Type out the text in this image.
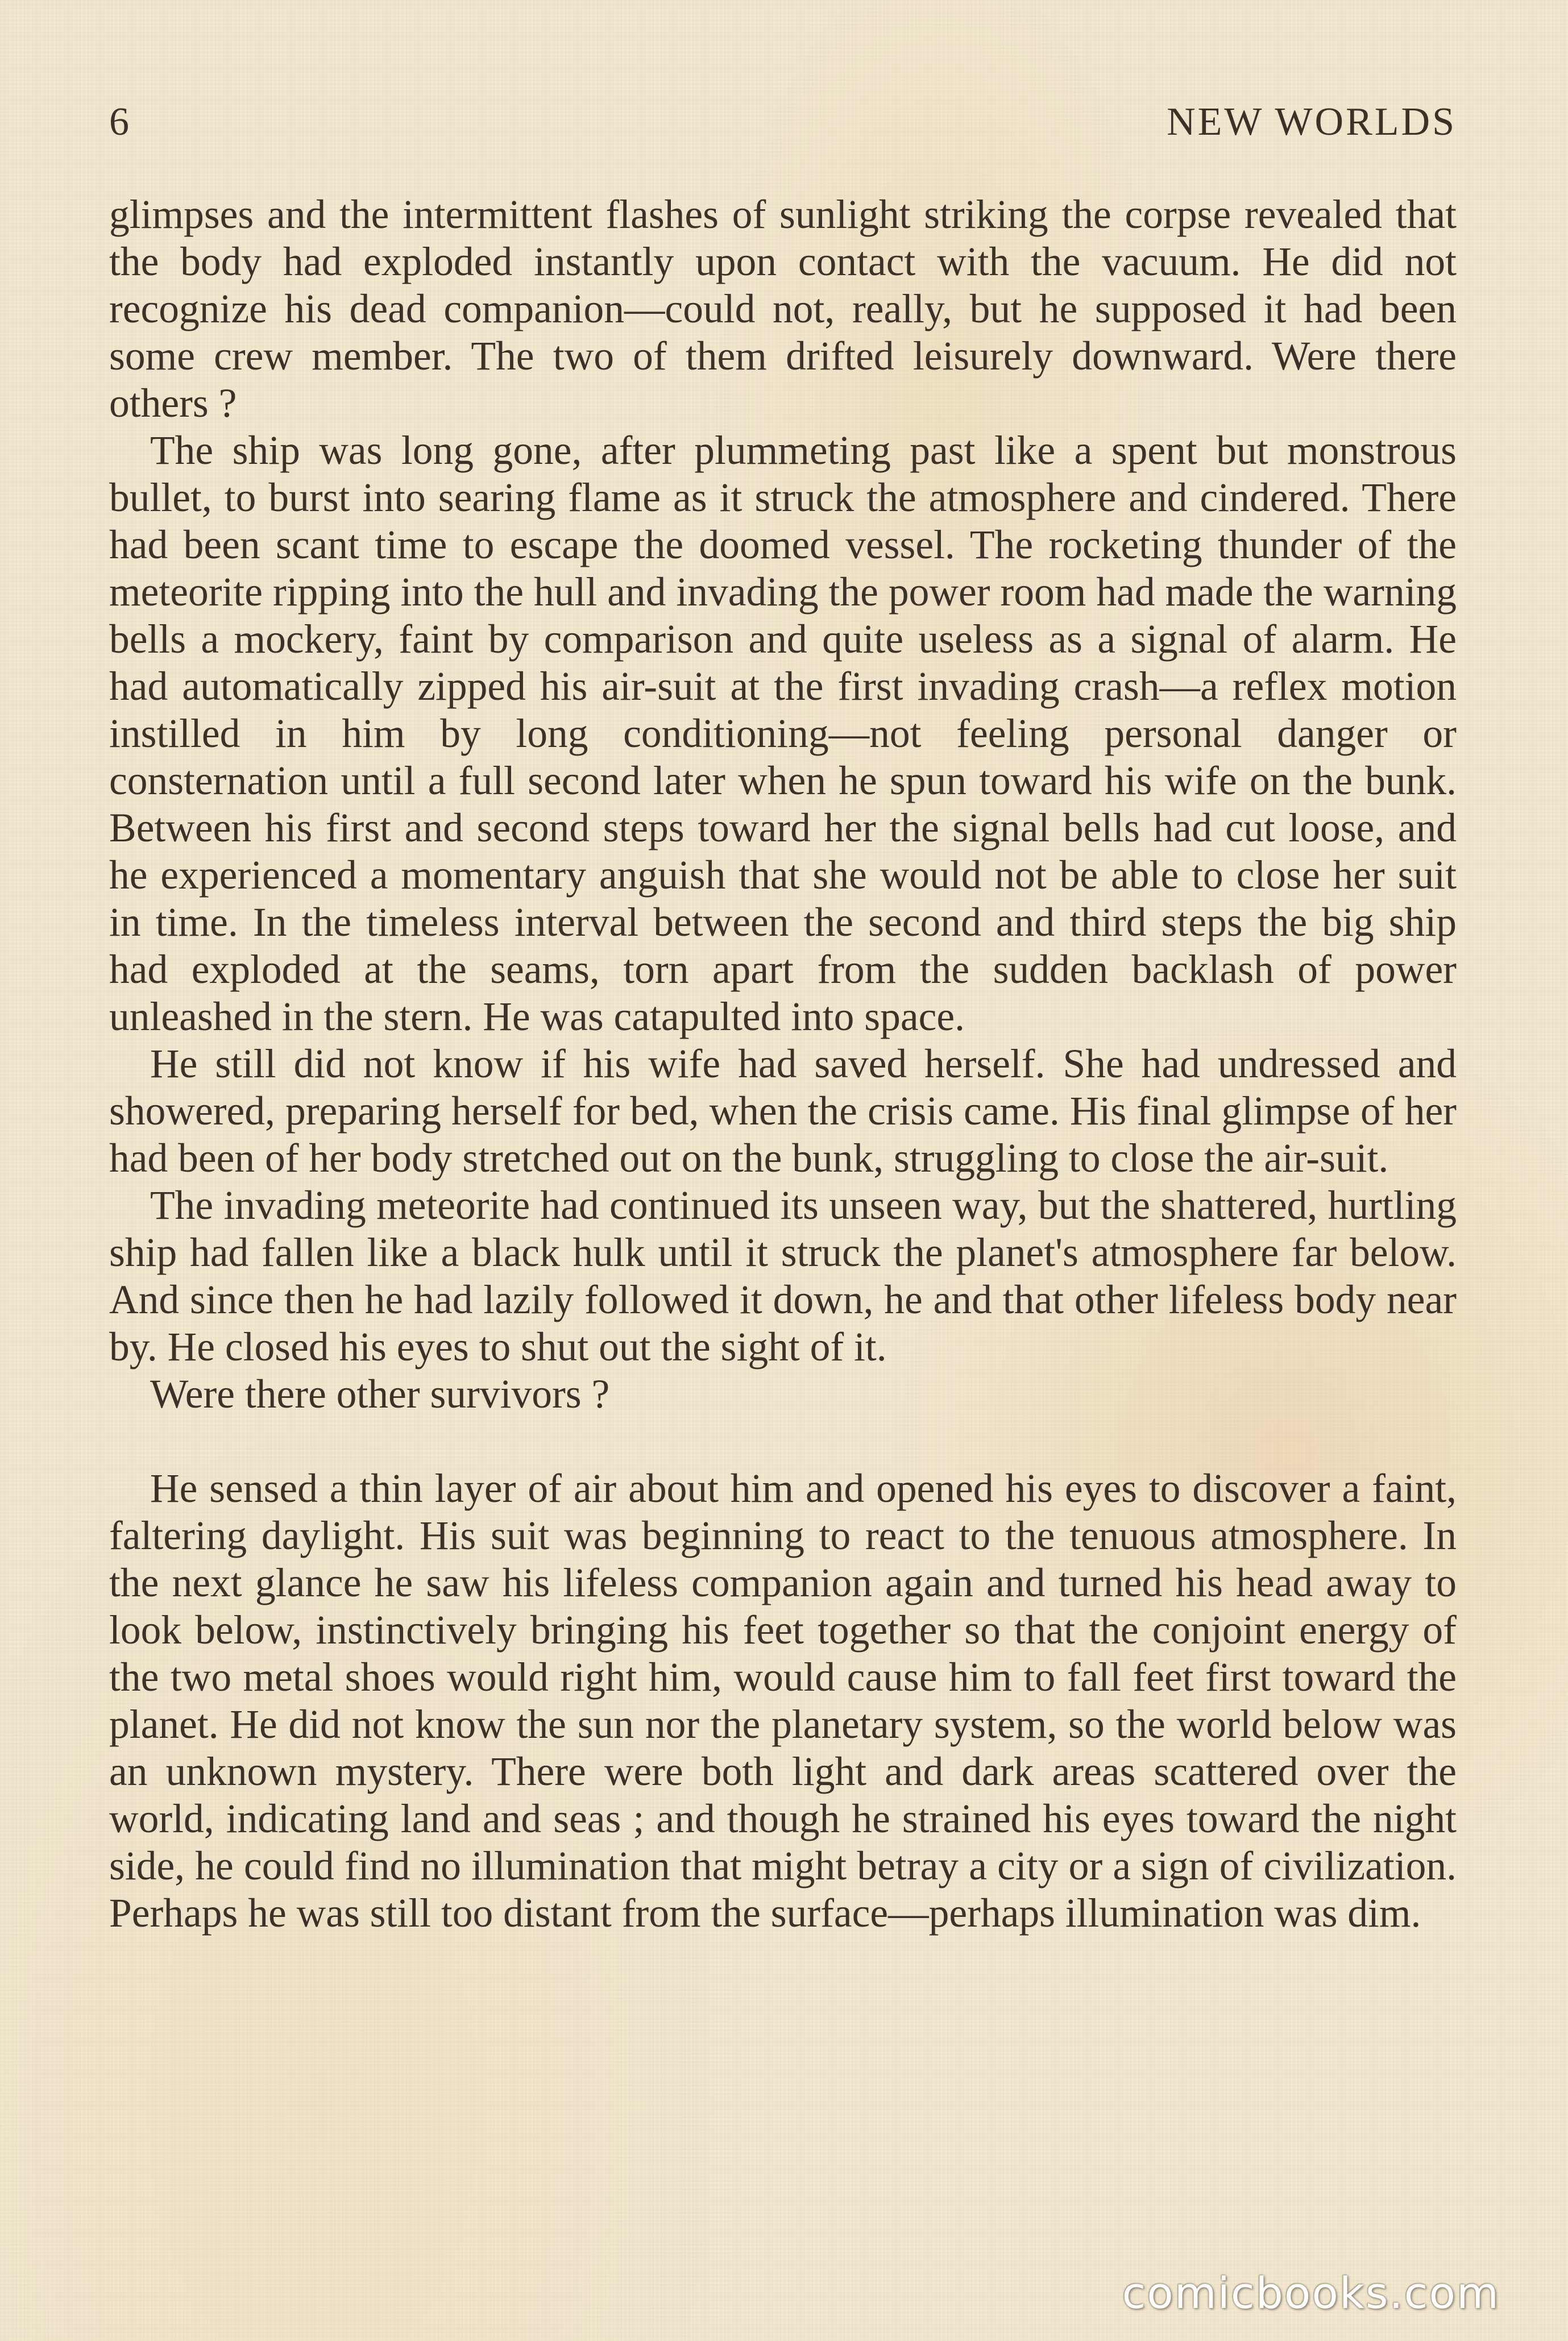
6	NEW WORLDS

glimpses and the intermittent flashes of sunlight striking the corpse revealed that the body had exploded instantly upon contact with the vacuum. He did not recognize his dead companion—could not, really, but he supposed it had been some crew member. The two of them drifted leisurely downward. Were there others ?

The ship was long gone, after plummeting past like a spent but monstrous bullet, to burst into searing flame as it struck the atmosphere and cindered. There had been scant time to escape the doomed vessel. The rocketing thunder of the meteorite ripping into the hull and invading the power room had made the warning bells a mockery, faint by comparison and quite useless as a signal of alarm. He had automatically zipped his air-suit at the first invading crash—a reflex motion instilled in him by long conditioning—not feeling personal danger or consternation until a full second later when he spun toward his wife on the bunk. Between his first and second steps toward her the signal bells had cut loose, and he experienced a momentary anguish that she would not be able to close her suit in time. In the timeless interval between the second and third steps the big ship had exploded at the seams, torn apart from the sudden backlash of power unleashed in the stern. He was catapulted into space.

He still did not know if his wife had saved herself. She had undressed and showered, preparing herself for bed, when the crisis came. His final glimpse of her had been of her body stretched out on the bunk, struggling to close the air-suit.

The invading meteorite had continued its unseen way, but the shattered, hurtling ship had fallen like a black hulk until it struck the planet's atmosphere far below. And since then he had lazily followed it down, he and that other lifeless body near by. He closed his eyes to shut out the sight of it.

Were there other survivors ?

He sensed a thin layer of air about him and opened his eyes to discover a faint, faltering daylight. His suit was beginning to react to the tenuous atmosphere. In the next glance he saw his lifeless companion again and turned his head away to look below, instinctively bringing his feet together so that the conjoint energy of the two metal shoes would right him, would cause him to fall feet first toward the planet. He did not know the sun nor the planetary system, so the world below was an unknown mystery. There were both light and dark areas scattered over the world, indicating land and seas ; and though he strained his eyes toward the night side, he could find no illumination that might betray a city or a sign of civilization. Perhaps he was still too distant from the surface—perhaps illumination was dim.

comicbooks.com
